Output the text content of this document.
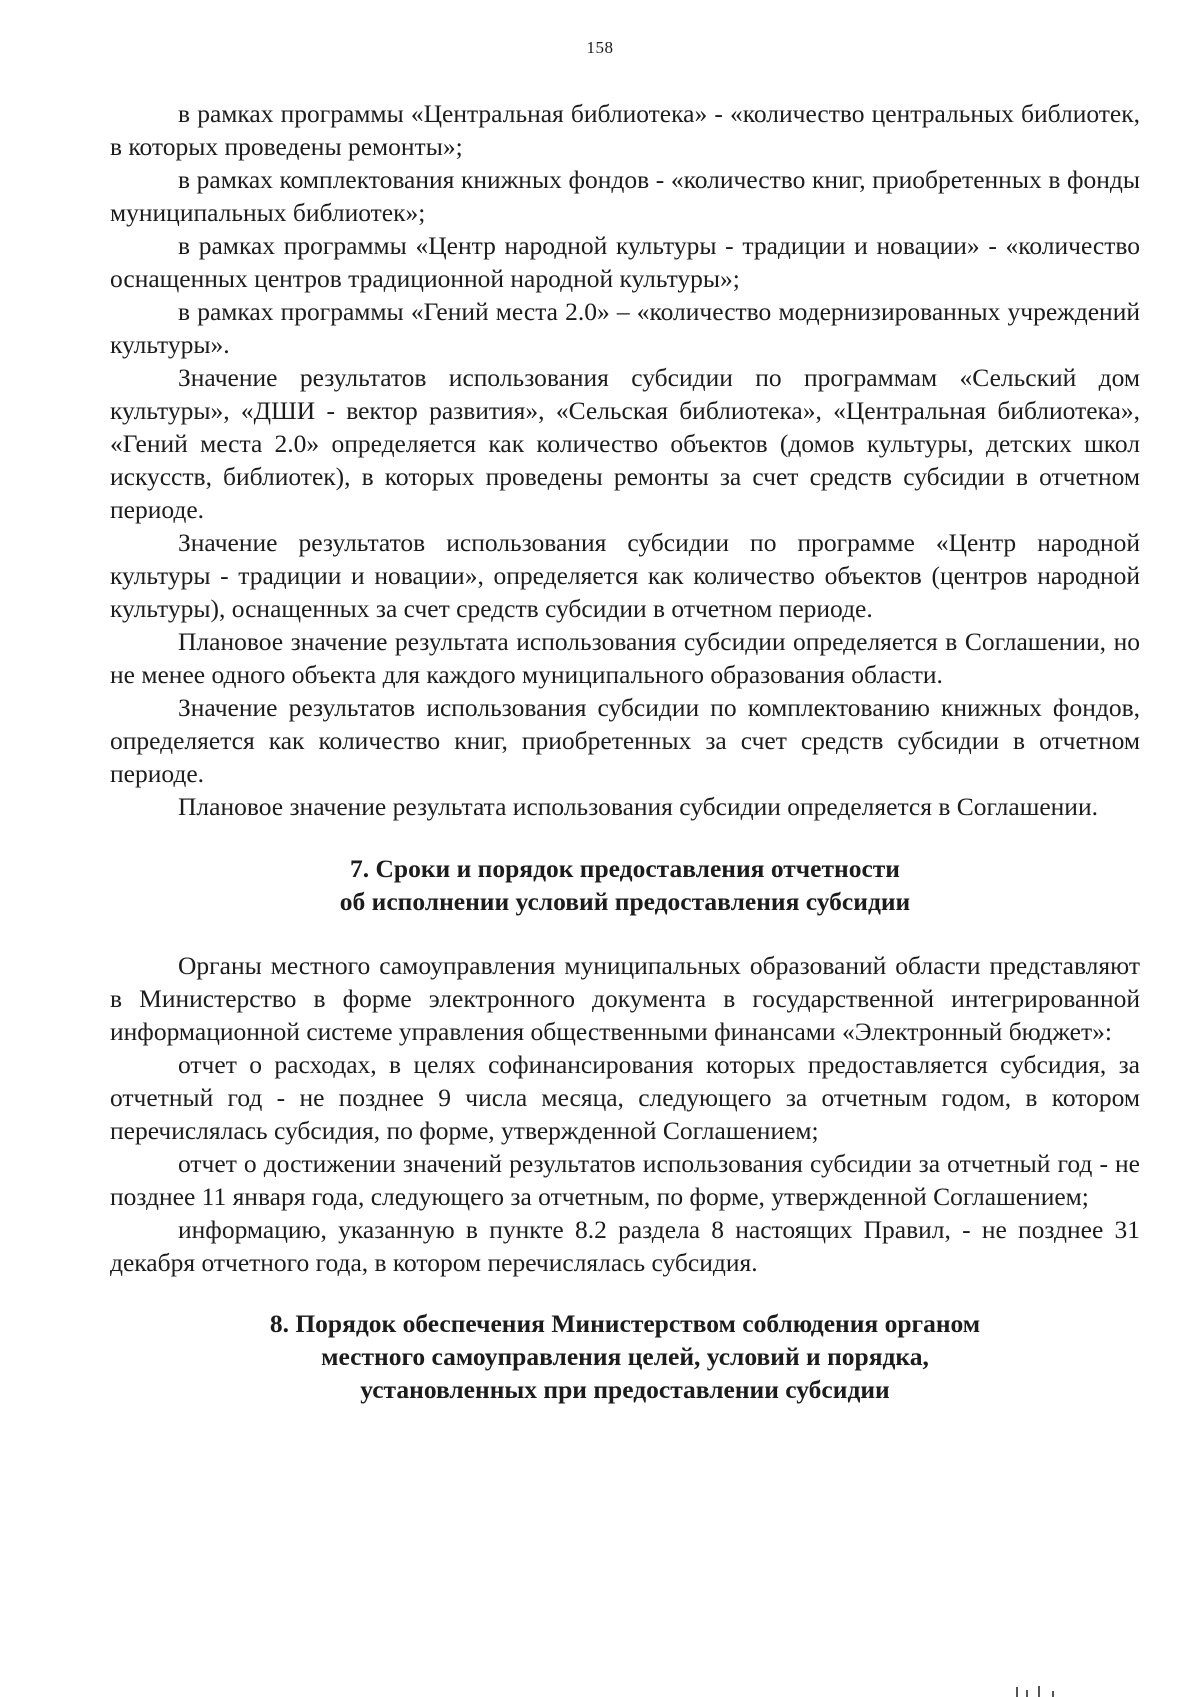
158

в рамках программы «Центральная библиотека» - «количество центральных библиотек, в которых проведены ремонты»;

в рамках комплектования книжных фондов - «количество книг, приобретенных в фонды муниципальных библиотек»;

в рамках программы «Центр народной культуры - традиции и новации» - «количество оснащенных центров традиционной народной культуры»;

в рамках программы «Гений места 2.0» – «количество модернизированных учреждений культуры».

Значение результатов использования субсидии по программам «Сельский дом культуры», «ДШИ - вектор развития», «Сельская библиотека», «Центральная библиотека», «Гений места 2.0» определяется как количество объектов (домов культуры, детских школ искусств, библиотек), в которых проведены ремонты за счет средств субсидии в отчетном периоде.

Значение результатов использования субсидии по программе «Центр народной культуры - традиции и новации», определяется как количество объектов (центров народной культуры), оснащенных за счет средств субсидии в отчетном периоде.

Плановое значение результата использования субсидии определяется в Соглашении, но не менее одного объекта для каждого муниципального образования области.

Значение результатов использования субсидии по комплектованию книжных фондов, определяется как количество книг, приобретенных за счет средств субсидии в отчетном периоде.

Плановое значение результата использования субсидии определяется в Соглашении.

7. Сроки и порядок предоставления отчетности
об исполнении условий предоставления субсидии

Органы местного самоуправления муниципальных образований области представляют в Министерство в форме электронного документа в государственной интегрированной информационной системе управления общественными финансами «Электронный бюджет»:

отчет о расходах, в целях софинансирования которых предоставляется субсидия, за отчетный год - не позднее 9 числа месяца, следующего за отчетным годом, в котором перечислялась субсидия, по форме, утвержденной Соглашением;

отчет о достижении значений результатов использования субсидии за отчетный год - не позднее 11 января года, следующего за отчетным, по форме, утвержденной Соглашением;

информацию, указанную в пункте 8.2 раздела 8 настоящих Правил, - не позднее 31 декабря отчетного года, в котором перечислялась субсидия.

8. Порядок обеспечения Министерством соблюдения органом
местного самоуправления целей, условий и порядка,
установленных при предоставлении субсидии
